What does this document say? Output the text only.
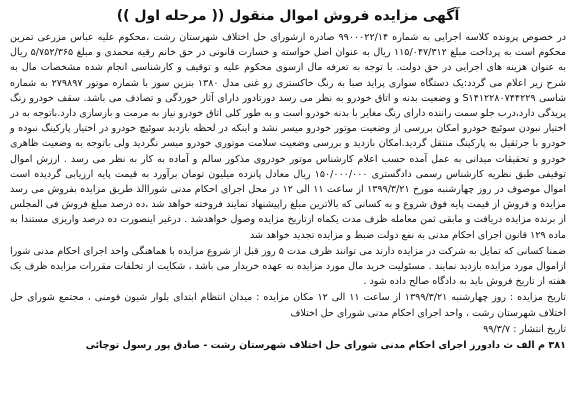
آگهی مزایده فروش اموال منقول (( مرحله اول ))

در خصوص پرونده کلاسه اجرایی به شماره ۹۹۰۰۰۲۲/۱۴ صادره ازشورای حل اختلاف شهرستان رشت ،محکوم علیه عباس مزرعی تمرین محکوم است به پرداخت مبلغ ۱۱۵/۰۴۷/۳۱۲ ریال به عنوان اصل خواسته و خسارت قانونی در حق خانم رقیه محمدی و مبلغ ۵/۷۵۲/۳۶۵ ریال به عنوان هزینه های اجرایی در حق دولت. با توجه به تعرفه مال ازسوی محکوم علیه و توقیف و کارشناسی انجام شده مشخصات مال به شرح زیر اعلام می گردد:یک دستگاه سواری پراید صبا به رنگ خاکستری رو غنی مدل ۱۳۸۰ بنزین سوز با شماره موتور ۲۷۹۸۹۷ به شماره شاسی S۱۴۱۲۲۸۰۷۴۴۲۲۹ و وضعیت بدنه و اتاق خودرو به نظر می رسد دورتادور دارای آثار خوردگی و تصادف می باشد. سقف خودرو رنگ پریدگی دارد،درب جلو سمت راننده دارای رنگ مغایر با بدنه خودرو است و به طور کلی اتاق خودرو نیاز به مرمت و بازسازی دارد.باتوجه به در اختیار نبودن سوئیچ خودرو امکان بررسی از وضعیت موتور خودرو میسر نشد و اینکه در لحظه بازدید سوئیچ خودرو در اختیار پارکینگ نبوده و خودرو با جرثقیل به پارکینگ منتقل گردید.امکان بازدید و بررسی وضعیت سلامت موتوری خودرو میسر نگردید ولی باتوجه به وضعیت ظاهری خودرو و تحقیقات میدانی به عمل آمده حسب اعلام کارشناس موتور خودروی مذکور سالم و آماده به کار به نظر می رسد . ارزش اموال توقیفی طبق نظریه کارشناس رسمی دادگستری ۱۵۰/۰۰۰/۰۰۰ ریال معادل پانزده میلیون تومان برآورد به قیمت پایه ارزیابی گردیده است اموال موصوف در روز چهارشنبه مورخ ۱۳۹۹/۳/۲۱ از ساعت ۱۱ الی ۱۲ در محل اجرای احکام مدنی شوراالذ طریق مزایده بفروش می رسد مزایده و فروش از قیمت پایه فوق شروع و به کسانی که بالاترین مبلغ راپیشنهاد نمایند فروخته خواهد شد ،ده درصد مبلغ فروش فی المجلس از برنده مزایده دریافت و مابقی ثمن معامله ظرف مدت یکماه ازتاریخ مزایده وصول خواهدشد . درغیر اینصورت ده درصد واریزی مستندا به ماده ۱۲۹ قانون اجرای احکام مدنی به نفع دولت ضبط و مزایده تجدید خواهد شد

ضمنا کسانی که تمایل به شرکت در مزایده دارند می توانند ظرف مدت ۵ روز قبل از شروع مزایده با هماهنگی واحد اجرای احکام مدنی شورا ازاموال مورد مزایده بازدید نمایند . مسئولیت خرید مال مورد مزایده به عهده خریدار می باشد ، شکایت از تخلفات مقررات مزایده ظرف یک هفته از تاریخ فروش باید به دادگاه صالح داده شود .

تاریخ مزایده : روز چهارشنبه ۱۳۹۹/۳/۲۱ از ساعت ۱۱ الی ۱۲ مکان مزایده : میدان انتظام ابتدای بلوار شیون فومنی ، مجتمع شورای حل اختلاف شهرستان رشت ، واحد اجرای احکام مدنی شورای حل اختلاف

تاریخ انتشار : ۹۹/۳/۷

۳۸۱ م الف ث دادورز اجرای احکام مدنی شورای حل اختلاف شهرستان رشت - صادق پور رسول توچائی
